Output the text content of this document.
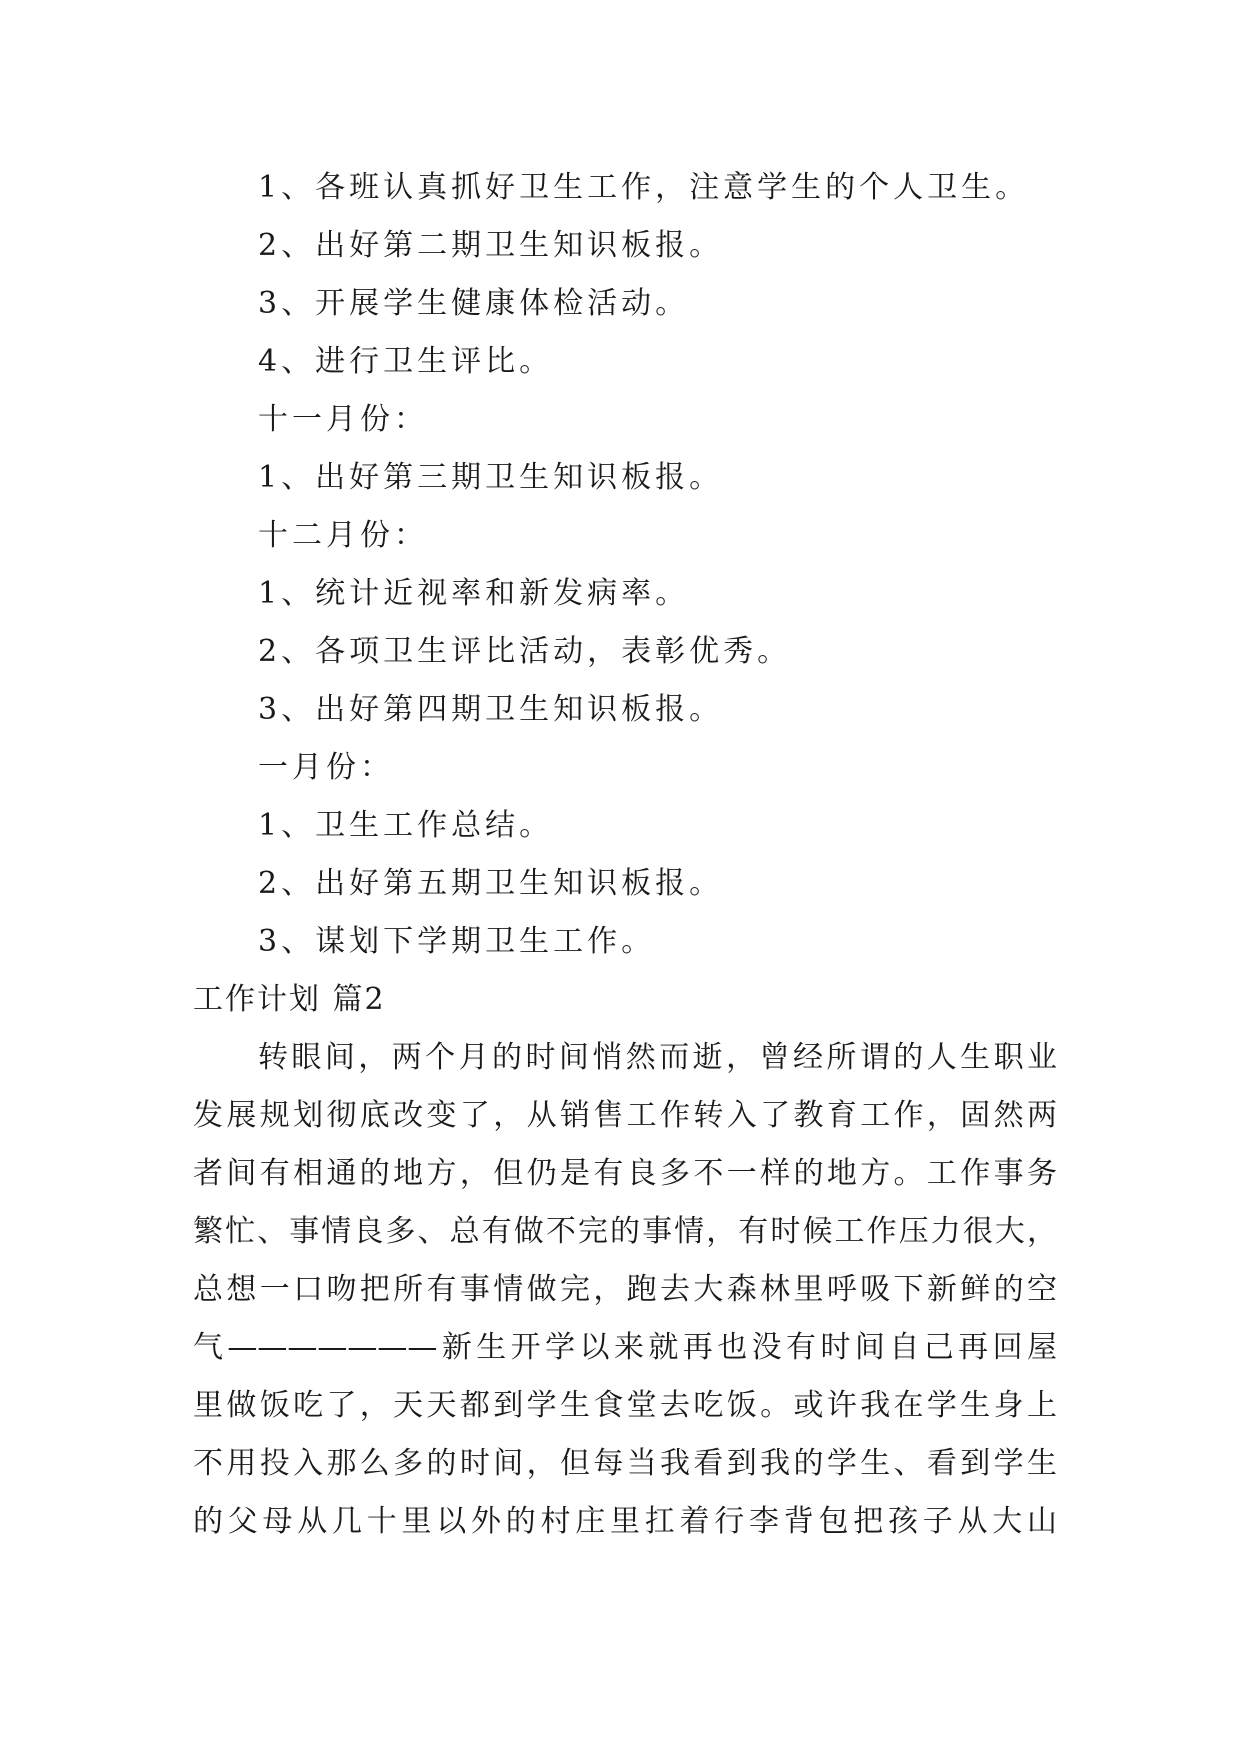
1、各班认真抓好卫生工作，注意学生的个人卫生。
2、出好第二期卫生知识板报。
3、开展学生健康体检活动。
4、进行卫生评比。
十一月份：
1、出好第三期卫生知识板报。
十二月份：
1、统计近视率和新发病率。
2、各项卫生评比活动，表彰优秀。
3、出好第四期卫生知识板报。
一月份：
1、卫生工作总结。
2、出好第五期卫生知识板报。
3、谋划下学期卫生工作。
工作计划 篇2
转眼间，两个月的时间悄然而逝，曾经所谓的人生职业
发展规划彻底改变了，从销售工作转入了教育工作，固然两
者间有相通的地方，但仍是有良多不一样的地方。工作事务
繁忙、事情良多、总有做不完的事情，有时候工作压力很大，
总想一口吻把所有事情做完，跑去大森林里呼吸下新鲜的空
气———————新生开学以来就再也没有时间自己再回屋
里做饭吃了，天天都到学生食堂去吃饭。或许我在学生身上
不用投入那么多的时间，但每当我看到我的学生、看到学生
的父母从几十里以外的村庄里扛着行李背包把孩子从大山
